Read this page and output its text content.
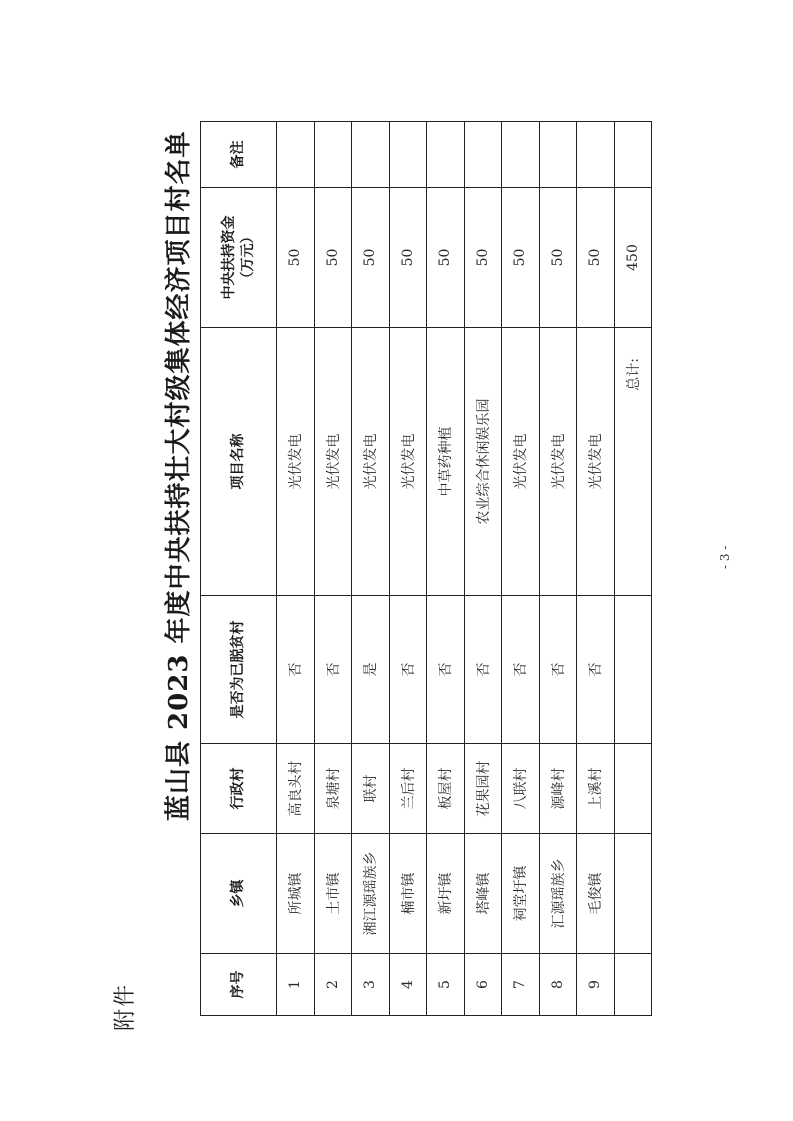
附件
蓝山县 2023 年度中央扶持壮大村级集体经济项目村名单
序号	乡镇	行政村	是否为已脱贫村	项目名称	中央扶持资金 （万元）	备注
1	所城镇	高良头村	否	光伏发电	50	
2	土市镇	泉塘村	否	光伏发电	50	
3	湘江源瑶族乡	联村	是	光伏发电	50	
4	楠市镇	兰后村	否	光伏发电	50	
5	新圩镇	板屋村	否	中草药种植	50	
6	塔峰镇	花果园村	否	农业综合休闲娱乐园	50	
7	祠堂圩镇	八联村	否	光伏发电	50	
8	汇源瑶族乡	源峰村	否	光伏发电	50	
9	毛俊镇	上溪村	否	光伏发电	50	
				总计:	450	
- 3 -
